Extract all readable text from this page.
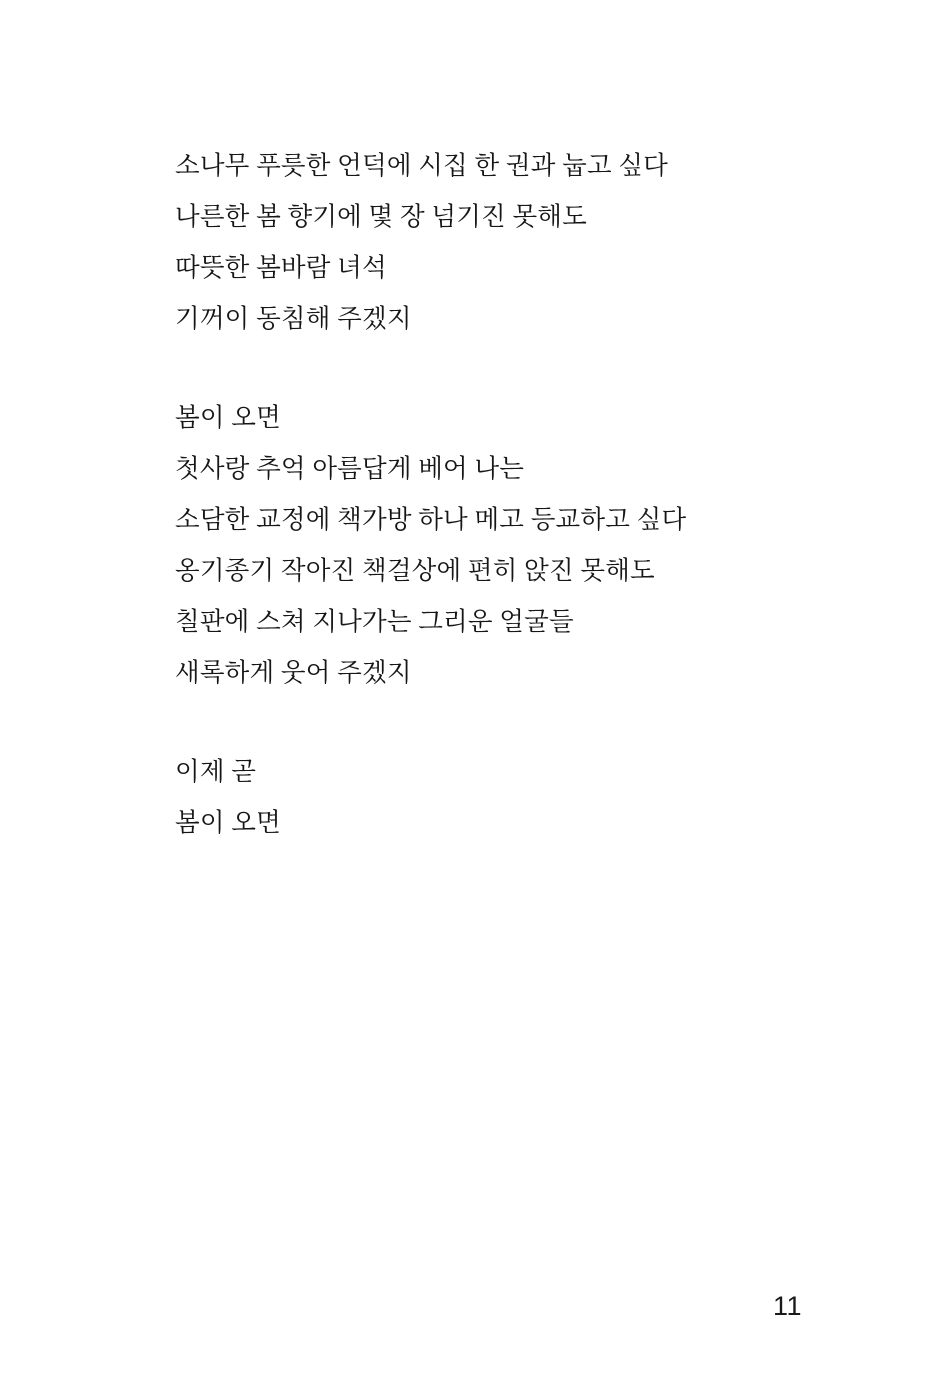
소나무 푸릇한 언덕에 시집 한 권과 눕고 싶다
나른한 봄 향기에 몇 장 넘기진 못해도
따뜻한 봄바람 녀석
기꺼이 동침해 주겠지
봄이 오면
첫사랑 추억 아름답게 베어 나는
소담한 교정에 책가방 하나 메고 등교하고 싶다
옹기종기 작아진 책걸상에 편히 앉진 못해도
칠판에 스쳐 지나가는 그리운 얼굴들
새록하게 웃어 주겠지
이제 곧
봄이 오면
11
